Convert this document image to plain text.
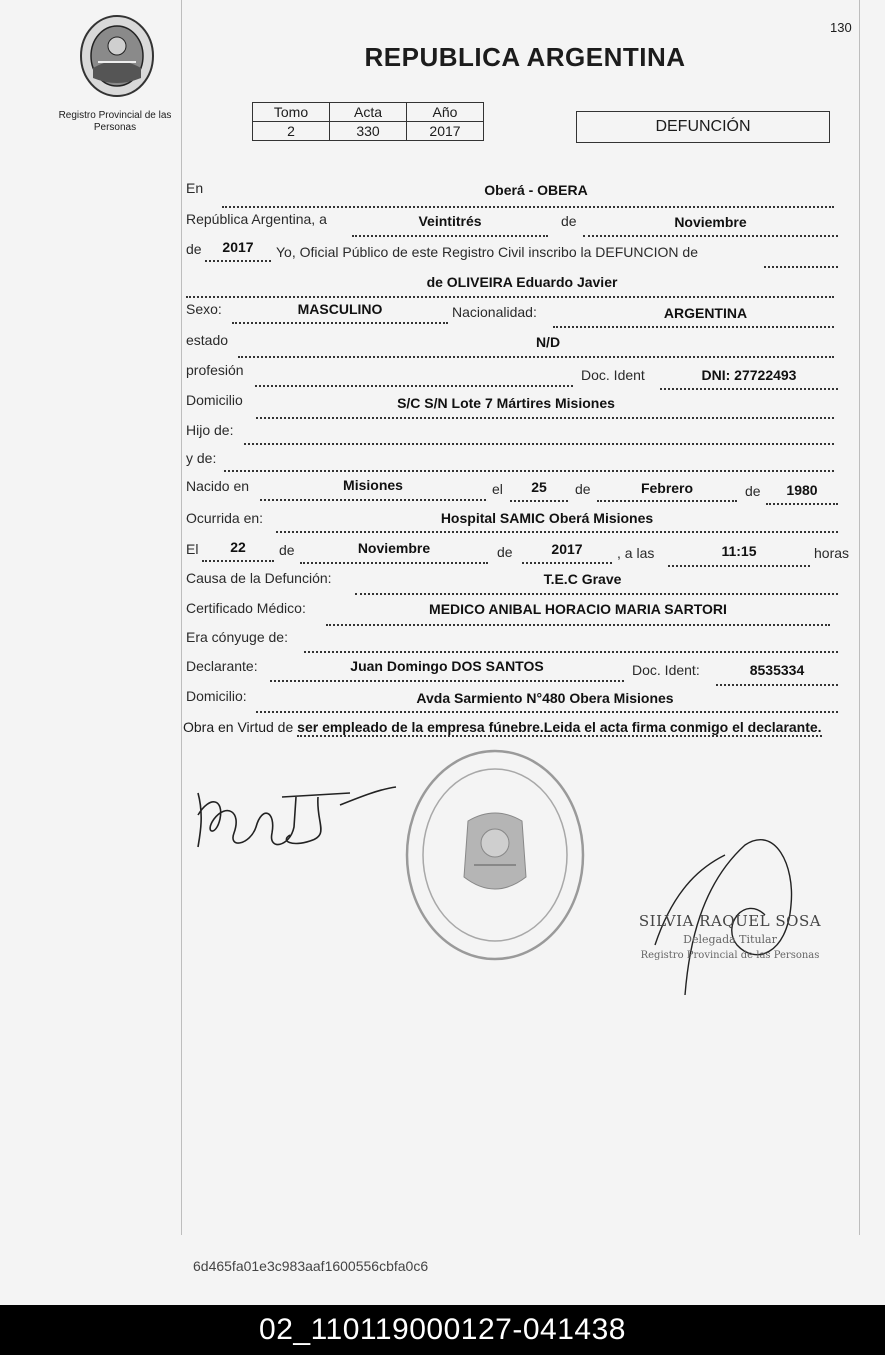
130
Registro Provincial de las Personas
REPUBLICA ARGENTINA
Tomo	Acta	Año
2	330	2017	DEFUNCIÓN
En	Oberá - OBERA
República Argentina, a	Veintitrés	de	Noviembre
de	2017	Yo, Oficial Público de este Registro Civil inscribo la DEFUNCION de
de OLIVEIRA Eduardo Javier
Sexo:	MASCULINO	Nacionalidad:	ARGENTINA
estado	N/D
profesión	Doc. Ident	DNI: 27722493
Domicilio	S/C S/N Lote 7 Mártires Misiones
Hijo de:
y de:
Nacido en	Misiones	el	25	de	Febrero	de	1980
Ocurrida en:	Hospital SAMIC Oberá Misiones
El	22	de	Noviembre	de	2017	, a las	11:15	horas
Causa de la Defunción:	T.E.C Grave
Certificado Médico:	MEDICO ANIBAL HORACIO MARIA SARTORI
Era cónyuge de:
Declarante:	Juan Domingo DOS SANTOS	Doc. Ident:	8535334
Domicilio:	Avda Sarmiento N°480 Obera Misiones
Obra en Virtud de ser empleado de la empresa fúnebre.Leida el acta firma conmigo el declarante.
SILVIA RAQUEL SOSA
Delegada Titular
Registro Provincial de las Personas
6d465fa01e3c983aaf1600556cbfa0c6
02_110119000127-041438
